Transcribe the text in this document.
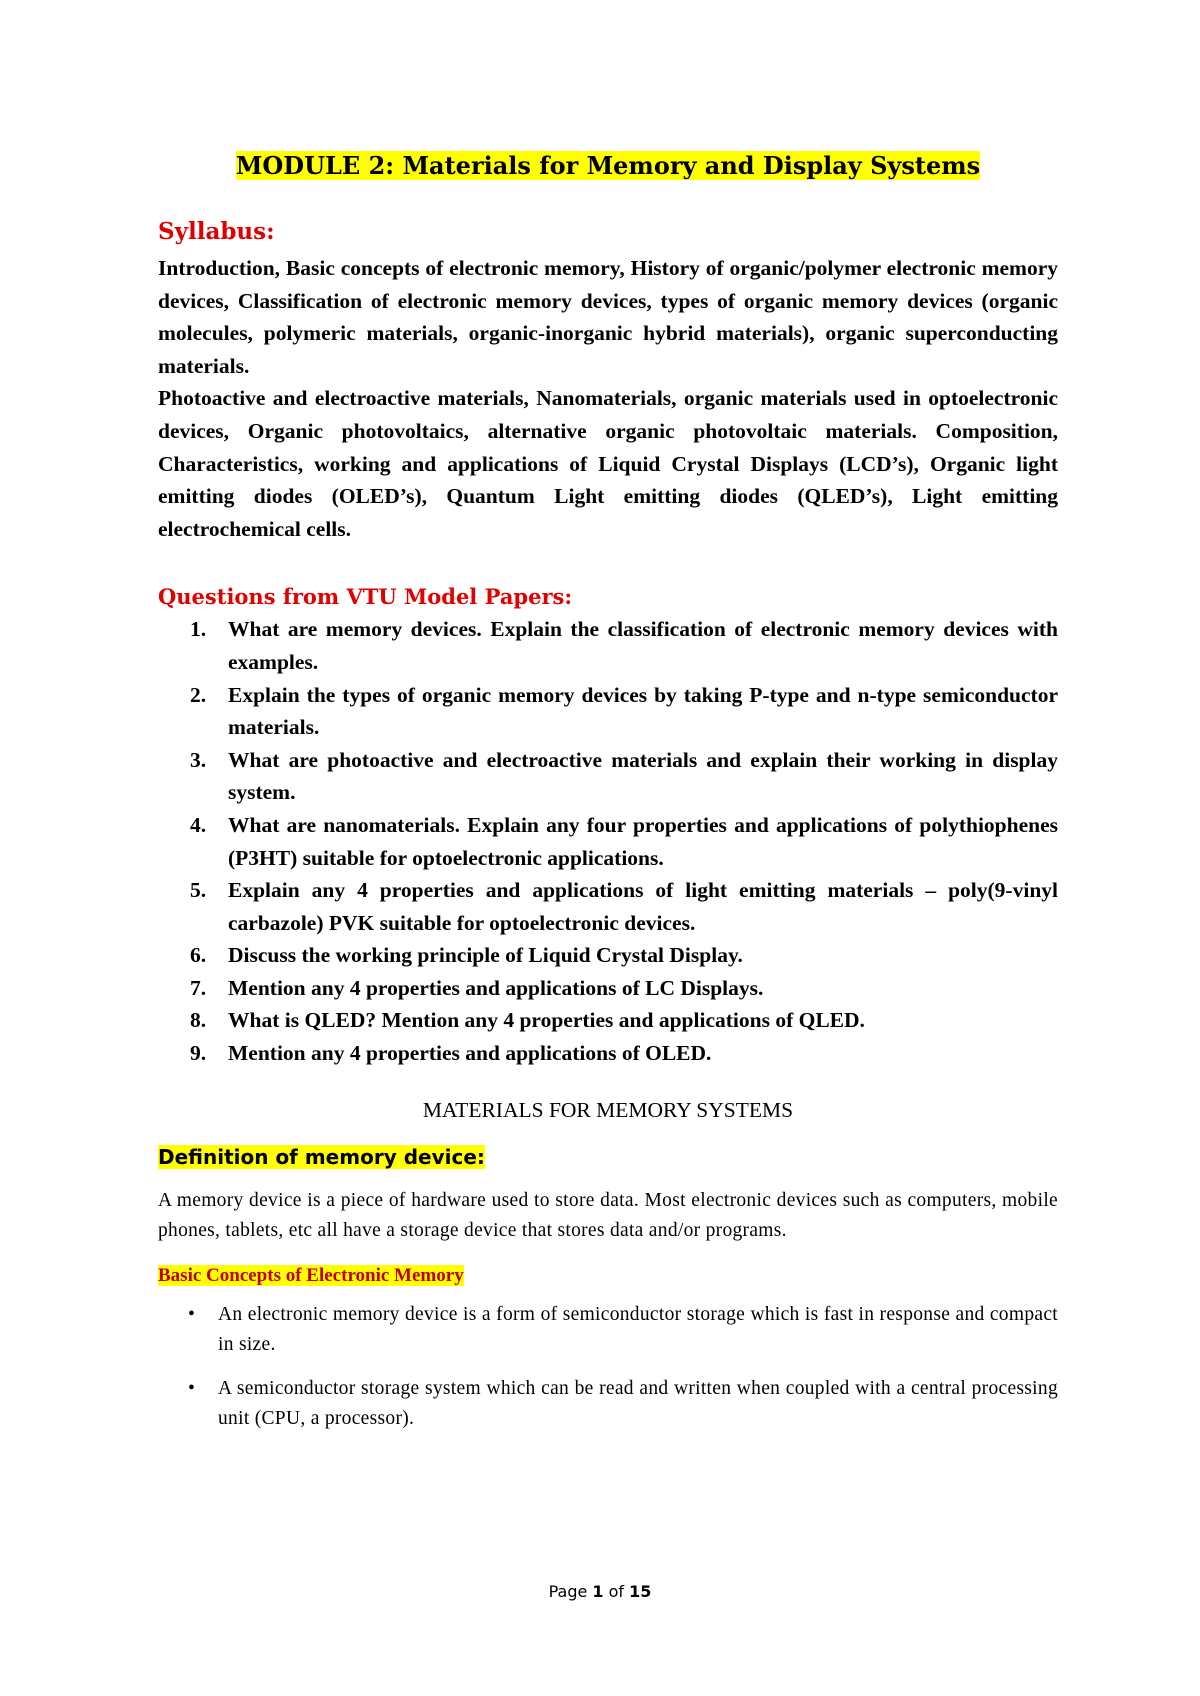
MODULE 2: Materials for Memory and Display Systems
Syllabus:

Introduction, Basic concepts of electronic memory, History of organic/polymer electronic memory devices, Classification of electronic memory devices, types of organic memory devices (organic molecules, polymeric materials, organic-inorganic hybrid materials), organic superconducting materials.

Photoactive and electroactive materials, Nanomaterials, organic materials used in optoelectronic devices, Organic photovoltaics, alternative organic photovoltaic materials. Composition, Characteristics, working and applications of Liquid Crystal Displays (LCD’s), Organic light emitting diodes (OLED’s), Quantum Light emitting diodes (QLED’s), Light emitting electrochemical cells.

Questions from VTU Model Papers:
1. What are memory devices. Explain the classification of electronic memory devices with examples.
2. Explain the types of organic memory devices by taking P-type and n-type semiconductor materials.
3. What are photoactive and electroactive materials and explain their working in display system.
4. What are nanomaterials. Explain any four properties and applications of polythiophenes (P3HT) suitable for optoelectronic applications.
5. Explain any 4 properties and applications of light emitting materials – poly(9-vinyl carbazole) PVK suitable for optoelectronic devices.
6. Discuss the working principle of Liquid Crystal Display.
7. Mention any 4 properties and applications of LC Displays.
8. What is QLED? Mention any 4 properties and applications of QLED.
9. Mention any 4 properties and applications of OLED.
MATERIALS FOR MEMORY SYSTEMS
Definition of memory device:

A memory device is a piece of hardware used to store data. Most electronic devices such as computers, mobile phones, tablets, etc all have a storage device that stores data and/or programs.

Basic Concepts of Electronic Memory
• An electronic memory device is a form of semiconductor storage which is fast in response and compact in size.
• A semiconductor storage system which can be read and written when coupled with a central processing unit (CPU, a processor).
Page 1 of 15
